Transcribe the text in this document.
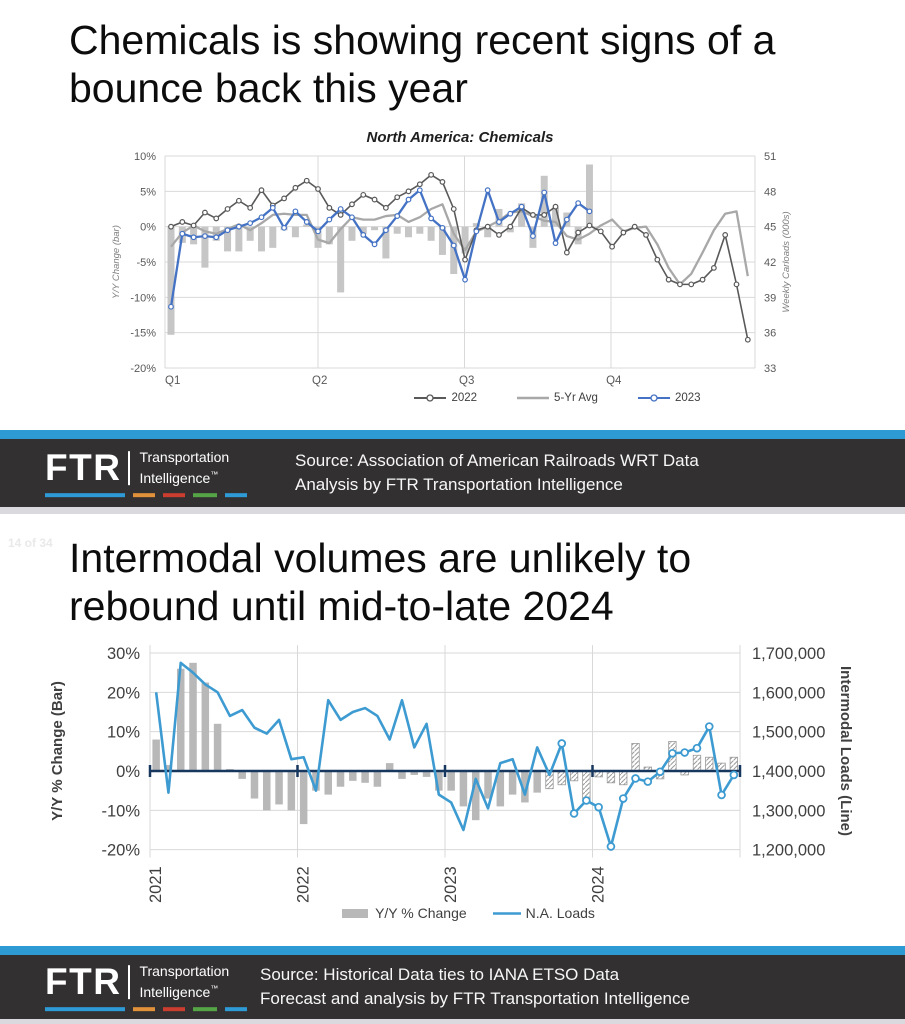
10%
5%
0%
-5%
-10%
-15%
-20%
51
48
45
42
39
36
33
Q1	Q2	Q3	Q4
Y/Y Change (bar)	Weekly Carloads (000s)
North America: Chemicals
Chemicals is showing recent signs of a
bounce back this year
2022	5-Yr Avg	2023
FTR Transportation
Intelligence™
Source: Association of American Railroads WRT Data
Analysis by FTR Transportation Intelligence
30%
20%
10%
0%
-10%
-20%
1,700,000
1,600,000
1,500,000
1,400,000
1,300,000
1,200,000
2021	2022	2023	2024
Y/Y % Change (Bar)	Intermodal Loads (Line)
14 of 34 Intermodal volumes are unlikely to
rebound until mid-to-late 2024
Y/Y % Change	N.A. Loads
FTR Transportation
Intelligence™
Source: Historical Data ties to IANA ETSO Data
Forecast and analysis by FTR Transportation Intelligence
